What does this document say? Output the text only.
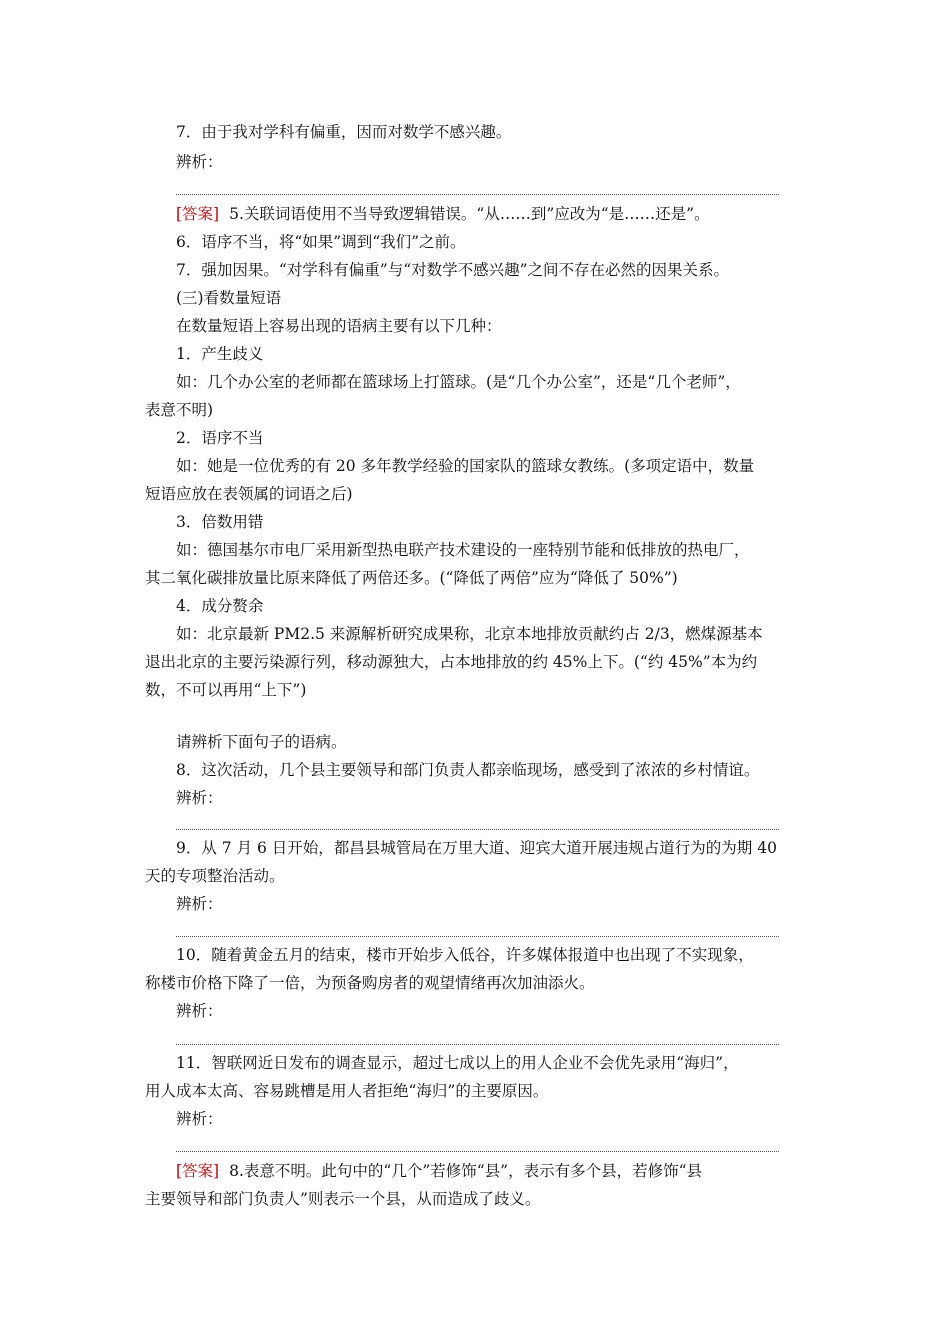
7．由于我对学科有偏重，因而对数学不感兴趣。
辨析：
[答案] 5.关联词语使用不当导致逻辑错误。“从……到”应改为“是……还是”。
6．语序不当，将“如果”调到“我们”之前。
7．强加因果。“对学科有偏重”与“对数学不感兴趣”之间不存在必然的因果关系。
(三)看数量短语
在数量短语上容易出现的语病主要有以下几种：
1．产生歧义
如：几个办公室的老师都在篮球场上打篮球。(是“几个办公室”，还是“几个老师”，
表意不明)
2．语序不当
如：她是一位优秀的有 20 多年教学经验的国家队的篮球女教练。(多项定语中，数量
短语应放在表领属的词语之后)
3．倍数用错
如：德国基尔市电厂采用新型热电联产技术建设的一座特别节能和低排放的热电厂，
其二氧化碳排放量比原来降低了两倍还多。(“降低了两倍”应为“降低了 50%”)
4．成分赘余
如：北京最新 PM2.5 来源解析研究成果称，北京本地排放贡献约占 2/3，燃煤源基本
退出北京的主要污染源行列，移动源独大，占本地排放的约 45%上下。(“约 45%”本为约
数，不可以再用“上下”)
请辨析下面句子的语病。
8．这次活动，几个县主要领导和部门负责人都亲临现场，感受到了浓浓的乡村情谊。
辨析：
9．从 7 月 6 日开始，都昌县城管局在万里大道、迎宾大道开展违规占道行为的为期 40
天的专项整治活动。
辨析：
10．随着黄金五月的结束，楼市开始步入低谷，许多媒体报道中也出现了不实现象，
称楼市价格下降了一倍，为预备购房者的观望情绪再次加油添火。
辨析：
11．智联网近日发布的调查显示，超过七成以上的用人企业不会优先录用“海归”，
用人成本太高、容易跳槽是用人者拒绝“海归”的主要原因。
辨析：
[答案] 8.表意不明。此句中的“几个”若修饰“县”，表示有多个县，若修饰“县
主要领导和部门负责人”则表示一个县，从而造成了歧义。
